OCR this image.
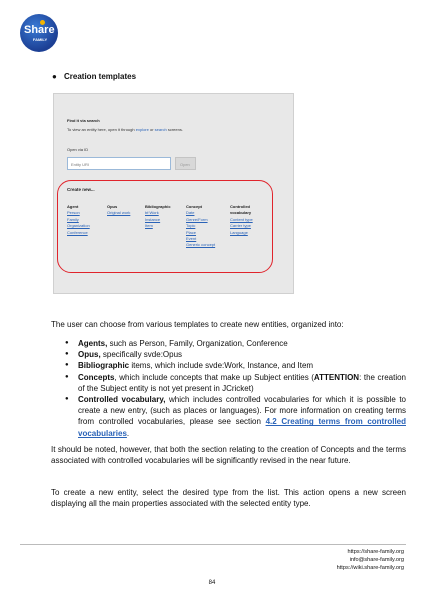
Share
FAMILY
● Creation templates
Find it via search
To view an entity here, open it through explore or search screens.
Open via ID
Entity URI	Open
Create new...
Agent
Person
Family
Organization
Conference
Opus
Original work
Bibliographic
bf:Work
Instance
Item
Concept
Date
Genre/Form
Topic
Place
Event
Generic concept
Controlled vocabulary
Content type
Carrier type
Language
The user can choose from various templates to create new entities, organized into:
● Agents, such as Person, Family, Organization, Conference
● Opus, specifically svde:Opus
● Bibliographic items, which include svde:Work, Instance, and Item
● Concepts, which include concepts that make up Subject entities (ATTENTION: the creation of the Subject entity is not yet present in JCricket)
● Controlled vocabulary, which includes controlled vocabularies for which it is possible to create a new entry, (such as places or languages). For more information on creating terms from controlled vocabularies, please see section 4.2 Creating terms from controlled vocabularies.
It should be noted, however, that both the section relating to the creation of Concepts and the terms associated with controlled vocabularies will be significantly revised in the near future.
To create a new entity, select the desired type from the list. This action opens a new screen displaying all the main properties associated with the selected entity type.
https://share-family.org
info@share-family.org
https://wiki.share-family.org
84
